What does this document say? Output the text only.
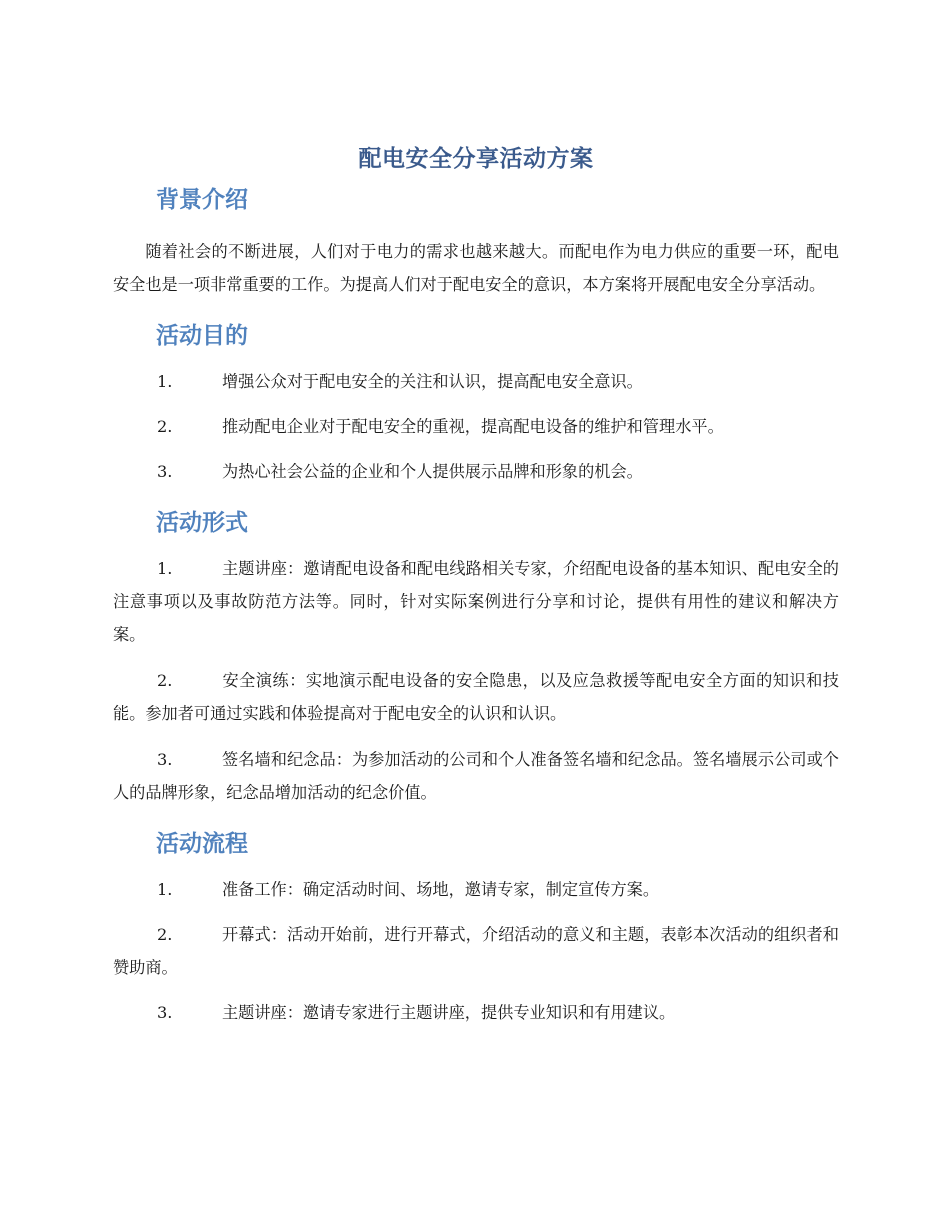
配电安全分享活动方案
背景介绍

随着社会的不断进展，人们对于电力的需求也越来越大。而配电作为电力供应的重要一环，配电安全也是一项非常重要的工作。为提高人们对于配电安全的意识，本方案将开展配电安全分享活动。

活动目的

1.	增强公众对于配电安全的关注和认识，提高配电安全意识。

2.	推动配电企业对于配电安全的重视，提高配电设备的维护和管理水平。

3.	为热心社会公益的企业和个人提供展示品牌和形象的机会。

活动形式

1.	主题讲座：邀请配电设备和配电线路相关专家，介绍配电设备的基本知识、配电安全的注意事项以及事故防范方法等。同时，针对实际案例进行分享和讨论，提供有用性的建议和解决方案。

2.	安全演练：实地演示配电设备的安全隐患，以及应急救援等配电安全方面的知识和技能。参加者可通过实践和体验提高对于配电安全的认识和认识。

3.	签名墙和纪念品：为参加活动的公司和个人准备签名墙和纪念品。签名墙展示公司或个人的品牌形象，纪念品增加活动的纪念价值。

活动流程

1.	准备工作：确定活动时间、场地，邀请专家，制定宣传方案。

2.	开幕式：活动开始前，进行开幕式，介绍活动的意义和主题，表彰本次活动的组织者和赞助商。

3.	主题讲座：邀请专家进行主题讲座，提供专业知识和有用建议。
